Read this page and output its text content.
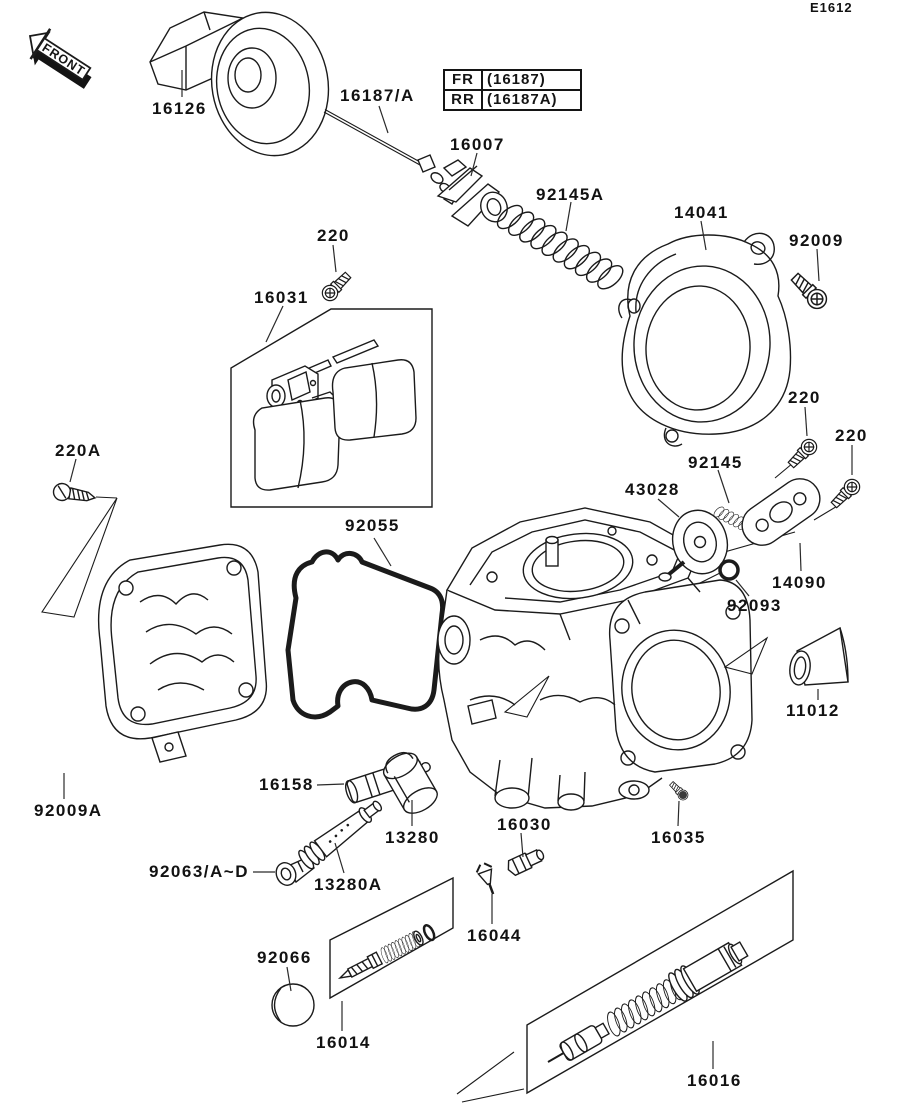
FRONT
E1612
FR (16187)
RR (16187A)
16126
16187/A
16007
92145A
14041
92009
220
16031
220A
220
220
92145
43028
14090
92093
11012
92055
92009A
16158
13280
92063/A~D
13280A
16030
16035
16044
92066
16014
16016
